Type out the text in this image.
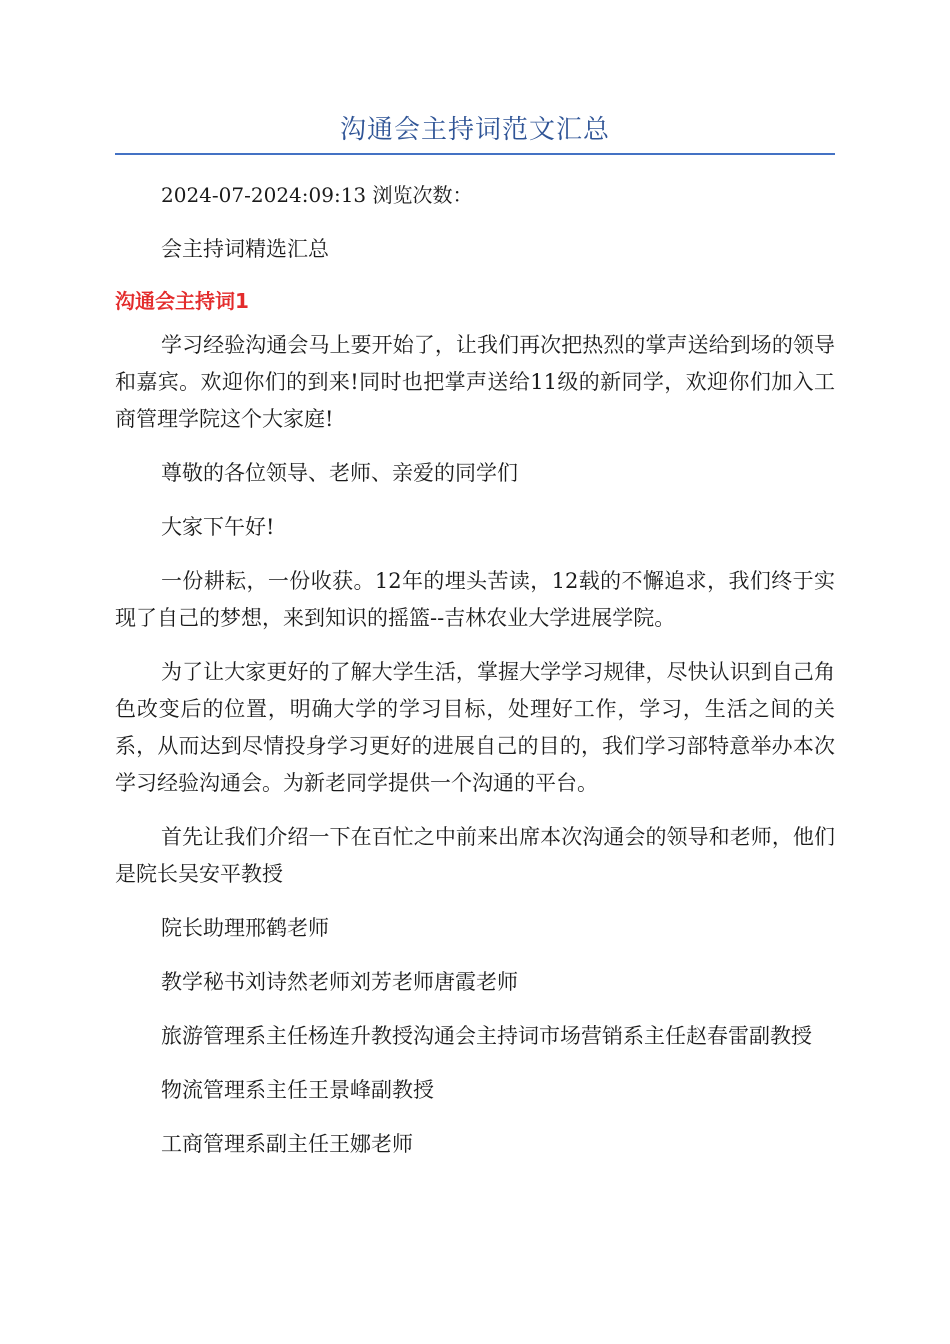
沟通会主持词范文汇总

2024-07-2024:09:13 浏览次数：

会主持词精选汇总

沟通会主持词1

学习经验沟通会马上要开始了，让我们再次把热烈的掌声送给到场的领导和嘉宾。欢迎你们的到来!同时也把掌声送给11级的新同学，欢迎你们加入工商管理学院这个大家庭!

尊敬的各位领导、老师、亲爱的同学们

大家下午好!

一份耕耘，一份收获。12年的埋头苦读，12载的不懈追求，我们终于实现了自己的梦想，来到知识的摇篮--吉林农业大学进展学院。

为了让大家更好的了解大学生活，掌握大学学习规律，尽快认识到自己角色改变后的位置，明确大学的学习目标，处理好工作，学习，生活之间的关系，从而达到尽情投身学习更好的进展自己的目的，我们学习部特意举办本次学习经验沟通会。为新老同学提供一个沟通的平台。

首先让我们介绍一下在百忙之中前来出席本次沟通会的领导和老师，他们是院长吴安平教授

院长助理邢鹤老师

教学秘书刘诗然老师刘芳老师唐霞老师

旅游管理系主任杨连升教授沟通会主持词市场营销系主任赵春雷副教授

物流管理系主任王景峰副教授

工商管理系副主任王娜老师
